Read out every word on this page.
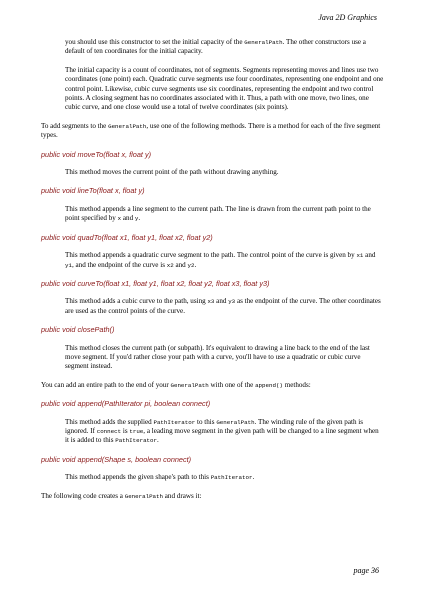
Java 2D Graphics

you should use this constructor to set the initial capacity of the GeneralPath. The other constructors use a default of ten coordinates for the initial capacity.

The initial capacity is a count of coordinates, not of segments. Segments representing moves and lines use two coordinates (one point) each. Quadratic curve segments use four coordinates, representing one endpoint and one control point. Likewise, cubic curve segments use six coordinates, representing the endpoint and two control points. A closing segment has no coordinates associated with it. Thus, a path with one move, two lines, one cubic curve, and one close would use a total of twelve coordinates (six points).

To add segments to the GeneralPath, use one of the following methods. There is a method for each of the five segment types.

public void moveTo(float x, float y)

This method moves the current point of the path without drawing anything.

public void lineTo(float x, float y)

This method appends a line segment to the current path. The line is drawn from the current path point to the point specified by x and y.

public void quadTo(float x1, float y1, float x2, float y2)

This method appends a quadratic curve segment to the path. The control point of the curve is given by x1 and y1, and the endpoint of the curve is x2 and y2.

public void curveTo(float x1, float y1, float x2, float y2, float x3, float y3)

This method adds a cubic curve to the path, using x3 and y3 as the endpoint of the curve. The other coordinates are used as the control points of the curve.

public void closePath()

This method closes the current path (or subpath). It's equivalent to drawing a line back to the end of the last move segment. If you'd rather close your path with a curve, you'll have to use a quadratic or cubic curve segment instead.

You can add an entire path to the end of your GeneralPath with one of the append() methods:

public void append(PathIterator pi, boolean connect)

This method adds the supplied PathIterator to this GeneralPath. The winding rule of the given path is ignored. If connect is true, a leading move segment in the given path will be changed to a line segment when it is added to this PathIterator.

public void append(Shape s, boolean connect)

This method appends the given shape's path to this PathIterator.

The following code creates a GeneralPath and draws it:

page 36
